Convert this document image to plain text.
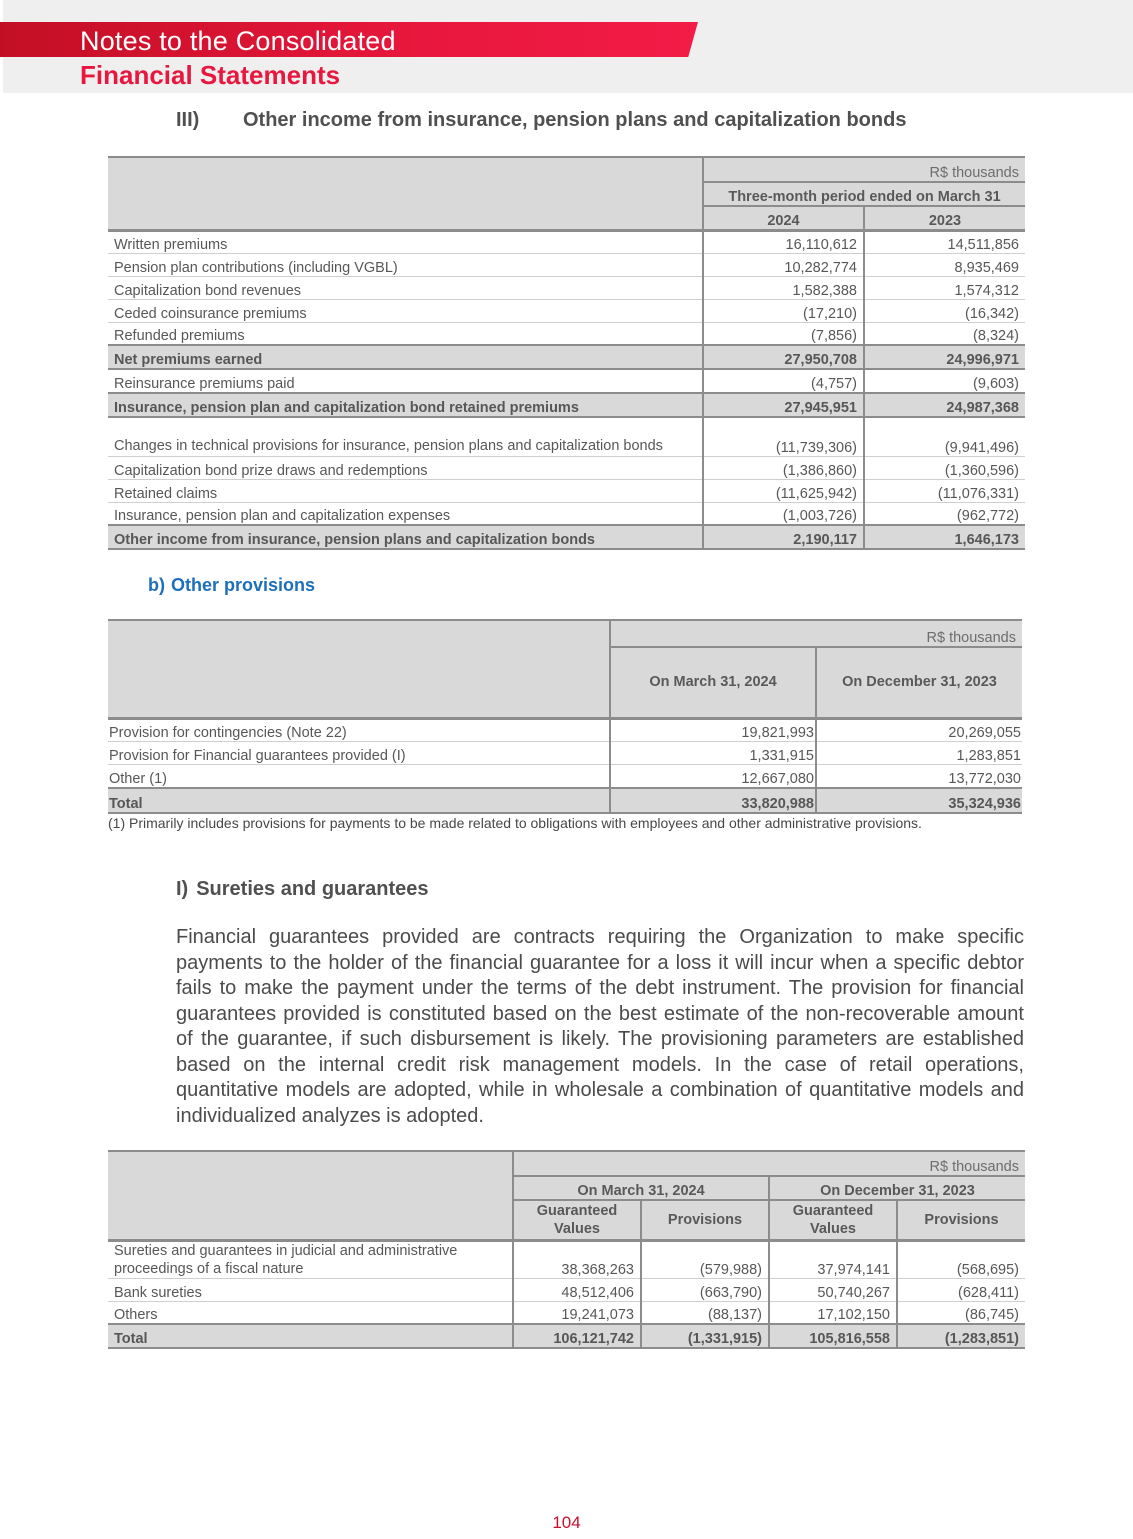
Notes to the Consolidated
Financial Statements
III) Other income from insurance, pension plans and capitalization bonds
	R$ thousands	
	Three-month period ended on March 31	
	2024	2023
Written premiums	16,110,612	14,511,856
Pension plan contributions (including VGBL)	10,282,774	8,935,469
Capitalization bond revenues	1,582,388	1,574,312
Ceded coinsurance premiums	(17,210)	(16,342)
Refunded premiums	(7,856)	(8,324)
Net premiums earned	27,950,708	24,996,971
Reinsurance premiums paid	(4,757)	(9,603)
Insurance, pension plan and capitalization bond retained premiums	27,945,951	24,987,368
Changes in technical provisions for insurance, pension plans and capitalization bonds	(11,739,306)	(9,941,496)
Capitalization bond prize draws and redemptions	(1,386,860)	(1,360,596)
Retained claims	(11,625,942)	(11,076,331)
Insurance, pension plan and capitalization expenses	(1,003,726)	(962,772)
Other income from insurance, pension plans and capitalization bonds	2,190,117	1,646,173
b) Other provisions
	R$ thousands	
	On March 31, 2024	On December 31, 2023
Provision for contingencies (Note 22)	19,821,993	20,269,055
Provision for Financial guarantees provided (I)	1,331,915	1,283,851
Other (1)	12,667,080	13,772,030
Total	33,820,988	35,324,936
(1) Primarily includes provisions for payments to be made related to obligations with employees and other administrative provisions.
I) Sureties and guarantees
Financial guarantees provided are contracts requiring the Organization to make specific payments to the holder of the financial guarantee for a loss it will incur when a specific debtor fails to make the payment under the terms of the debt instrument. The provision for financial guarantees provided is constituted based on the best estimate of the non-recoverable amount of the guarantee, if such disbursement is likely. The provisioning parameters are established based on the internal credit risk management models. In the case of retail operations, quantitative models are adopted, while in wholesale a combination of quantitative models and individualized analyzes is adopted.
	R$ thousands			
	On March 31, 2024		On December 31, 2023	
	Guaranteed Values	Provisions	Guaranteed Values	Provisions
Sureties and guarantees in judicial and administrative proceedings of a fiscal nature	38,368,263	(579,988)	37,974,141	(568,695)
Bank sureties	48,512,406	(663,790)	50,740,267	(628,411)
Others	19,241,073	(88,137)	17,102,150	(86,745)
Total	106,121,742	(1,331,915)	105,816,558	(1,283,851)
104
